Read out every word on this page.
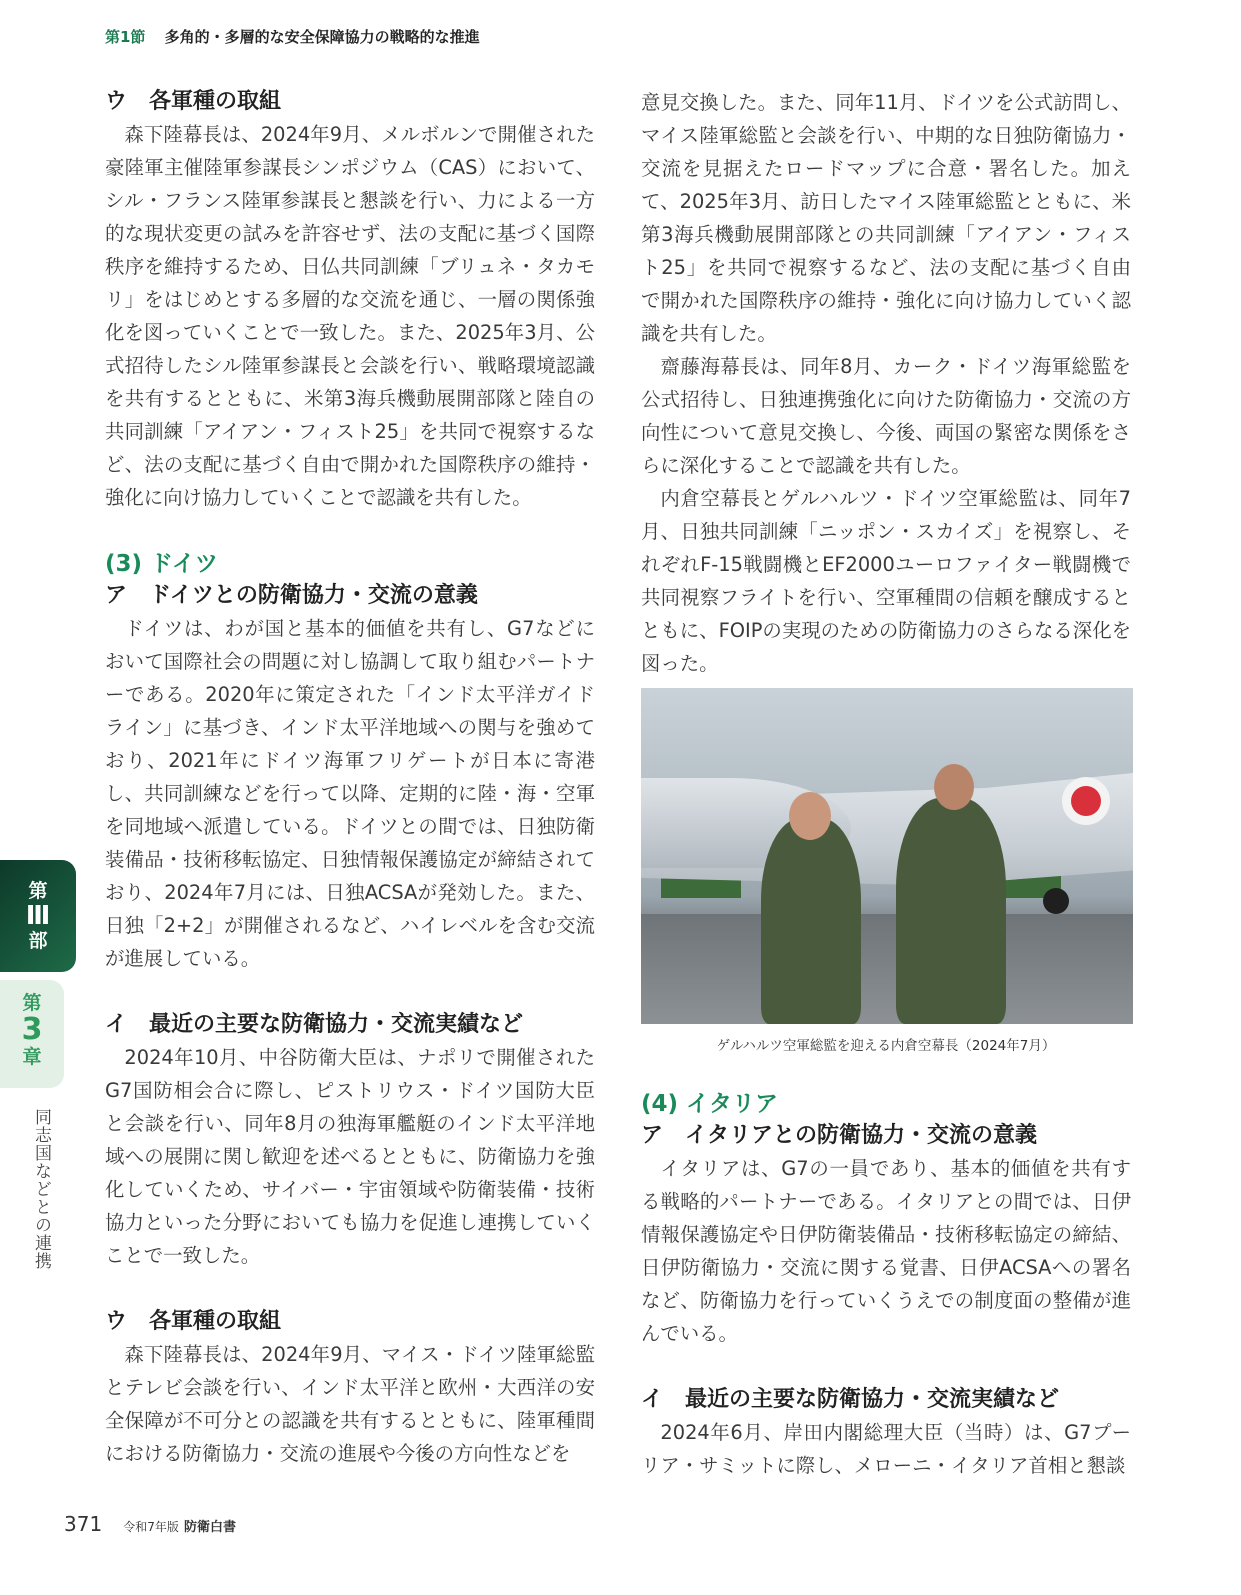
第1節 多角的・多層的な安全保障協力の戦略的な推進

ウ　各軍種の取組

森下陸幕長は、2024年9月、メルボルンで開催された豪陸軍主催陸軍参謀長シンポジウム（CAS）において、シル・フランス陸軍参謀長と懇談を行い、力による一方的な現状変更の試みを許容せず、法の支配に基づく国際秩序を維持するため、日仏共同訓練「ブリュネ・タカモリ」をはじめとする多層的な交流を通じ、一層の関係強化を図っていくことで一致した。また、2025年3月、公式招待したシル陸軍参謀長と会談を行い、戦略環境認識を共有するとともに、米第3海兵機動展開部隊と陸自の共同訓練「アイアン・フィスト25」を共同で視察するなど、法の支配に基づく自由で開かれた国際秩序の維持・強化に向け協力していくことで認識を共有した。

(3) ドイツ

ア　ドイツとの防衛協力・交流の意義

ドイツは、わが国と基本的価値を共有し、G7などにおいて国際社会の問題に対し協調して取り組むパートナーである。2020年に策定された「インド太平洋ガイドライン」に基づき、インド太平洋地域への関与を強めており、2021年にドイツ海軍フリゲートが日本に寄港し、共同訓練などを行って以降、定期的に陸・海・空軍を同地域へ派遣している。ドイツとの間では、日独防衛装備品・技術移転協定、日独情報保護協定が締結されており、2024年7月には、日独ACSAが発効した。また、日独「2+2」が開催されるなど、ハイレベルを含む交流が進展している。

イ　最近の主要な防衛協力・交流実績など

2024年10月、中谷防衛大臣は、ナポリで開催されたG7国防相会合に際し、ピストリウス・ドイツ国防大臣と会談を行い、同年8月の独海軍艦艇のインド太平洋地域への展開に関し歓迎を述べるとともに、防衛協力を強化していくため、サイバー・宇宙領域や防衛装備・技術協力といった分野においても協力を促進し連携していくことで一致した。

ウ　各軍種の取組

森下陸幕長は、2024年9月、マイス・ドイツ陸軍総監とテレビ会談を行い、インド太平洋と欧州・大西洋の安全保障が不可分との認識を共有するとともに、陸軍種間における防衛協力・交流の進展や今後の方向性などを

意見交換した。また、同年11月、ドイツを公式訪問し、マイス陸軍総監と会談を行い、中期的な日独防衛協力・交流を見据えたロードマップに合意・署名した。加えて、2025年3月、訪日したマイス陸軍総監とともに、米第3海兵機動展開部隊との共同訓練「アイアン・フィスト25」を共同で視察するなど、法の支配に基づく自由で開かれた国際秩序の維持・強化に向け協力していく認識を共有した。

齋藤海幕長は、同年8月、カーク・ドイツ海軍総監を公式招待し、日独連携強化に向けた防衛協力・交流の方向性について意見交換し、今後、両国の緊密な関係をさらに深化することで認識を共有した。

内倉空幕長とゲルハルツ・ドイツ空軍総監は、同年7月、日独共同訓練「ニッポン・スカイズ」を視察し、それぞれF-15戦闘機とEF2000ユーロファイター戦闘機で共同視察フライトを行い、空軍種間の信頼を醸成するとともに、FOIPの実現のための防衛協力のさらなる深化を図った。

ゲルハルツ空軍総監を迎える内倉空幕長（2024年7月）

(4) イタリア

ア　イタリアとの防衛協力・交流の意義

イタリアは、G7の一員であり、基本的価値を共有する戦略的パートナーである。イタリアとの間では、日伊情報保護協定や日伊防衛装備品・技術移転協定の締結、日伊防衛協力・交流に関する覚書、日伊ACSAへの署名など、防衛協力を行っていくうえでの制度面の整備が進んでいる。

イ　最近の主要な防衛協力・交流実績など

2024年6月、岸田内閣総理大臣（当時）は、G7プーリア・サミットに際し、メローニ・イタリア首相と懇談

第
Ⅲ
部
第
3
章
同志国などとの連携
371 令和7年版 防衛白書
